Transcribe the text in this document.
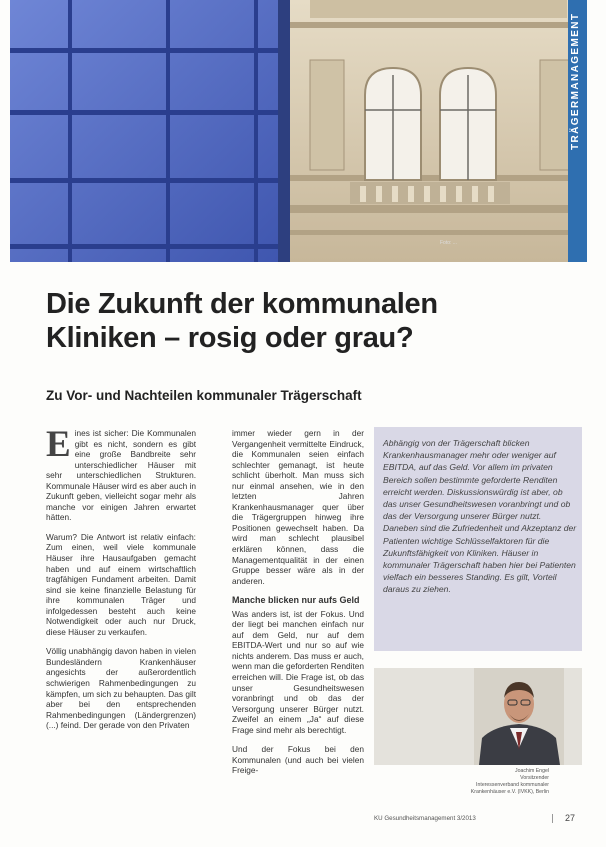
TRÄGERMANAGEMENT
Foto: ...
Die Zukunft der kommunalen
Kliniken – rosig oder grau?
Zu Vor- und Nachteilen kommunaler Trägerschaft

Eines ist sicher: Die Kommunalen gibt es nicht, sondern es gibt eine große Bandbreite sehr unterschiedlicher Häuser mit sehr unterschiedlichen Strukturen. Kommunale Häuser wird es aber auch in Zukunft geben, vielleicht sogar mehr als manche vor einigen Jahren erwartet hätten.

Warum? Die Antwort ist relativ einfach: Zum einen, weil viele kommunale Häuser ihre Hausaufgaben gemacht haben und auf einem wirtschaftlich tragfähigen Fundament arbeiten. Damit sind sie keine finanzielle Belastung für ihre kommunalen Träger und infolgedessen besteht auch keine Notwendigkeit oder auch nur Druck, diese Häuser zu verkaufen.

Völlig unabhängig davon haben in vielen Bundesländern Krankenhäuser angesichts der außerordentlich schwierigen Rahmenbedingungen zu kämpfen, um sich zu behaupten. Das gilt aber bei den entsprechenden Rahmenbedingungen (Ländergrenzen) (...) feind. Der gerade von den Privaten

immer wieder gern in der Vergangenheit vermittelte Eindruck, die Kommunalen seien einfach schlechter gemanagt, ist heute schlicht überholt. Man muss sich nur einmal ansehen, wie in den letzten Jahren Krankenhausmanager quer über die Trägergruppen hinweg ihre Positionen gewechselt haben. Da wird man schlecht plausibel erklären können, dass die Managementqualität in der einen Gruppe besser wäre als in der anderen.

Manche blicken nur aufs Geld

Was anders ist, ist der Fokus. Und der liegt bei manchen einfach nur auf dem Geld, nur auf dem EBITDA-Wert und nur so auf wie nichts anderem. Das muss er auch, wenn man die geforderten Renditen erreichen will. Die Frage ist, ob das unser Gesundheitswesen voranbringt und ob das der Versorgung unserer Bürger nutzt. Zweifel an einem „Ja“ auf diese Frage sind mehr als berechtigt.

Und der Fokus bei den Kommunalen (und auch bei vielen Freige-

Abhängig von der Trägerschaft blicken Krankenhausmanager mehr oder weniger auf EBITDA, auf das Geld. Vor allem im privaten Bereich sollen bestimmte geforderte Renditen erreicht werden. Diskussionswürdig ist aber, ob das unser Gesundheitswesen voranbringt und ob das der Versorgung unserer Bürger nutzt. Daneben sind die Zufriedenheit und Akzeptanz der Patienten wichtige Schlüsselfaktoren für die Zukunftsfähigkeit von Kliniken. Häuser in kommunaler Trägerschaft haben hier bei Patienten vielfach ein besseres Standing. Es gilt, Vorteil daraus zu ziehen.
Joachim Engel
Vorsitzender
Interessenverband kommunaler
Krankenhäuser e.V. (IVKK), Berlin
KU Gesundheitsmanagement 3/2013	27
